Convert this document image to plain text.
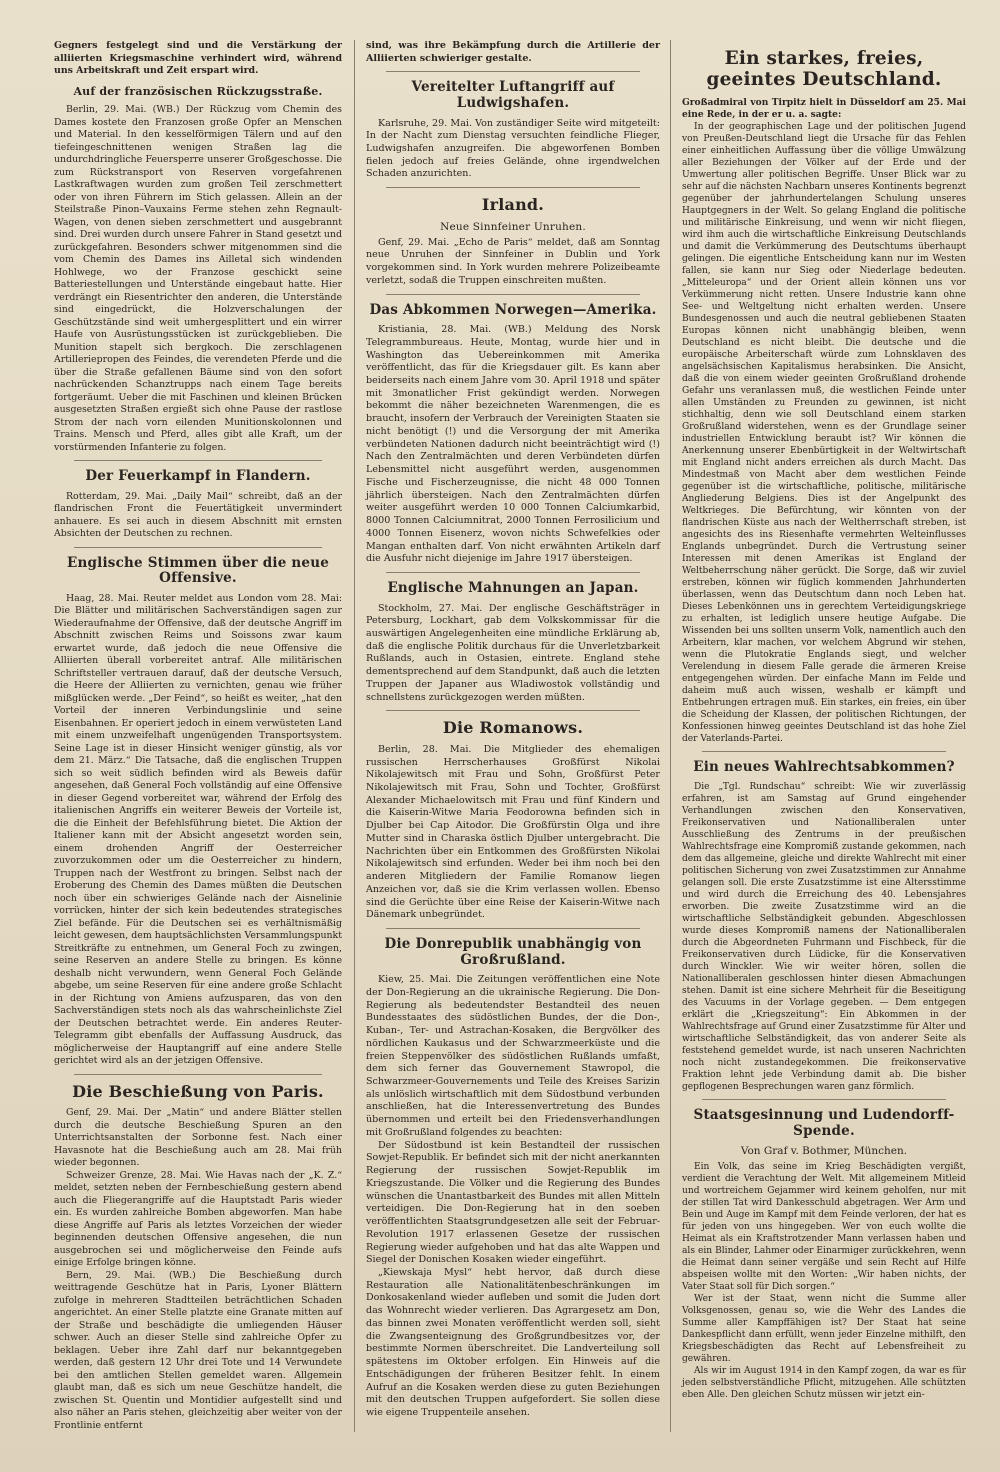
Gegners festgelegt sind und die Verstärkung der alliierten Kriegsmaschine verhindert wird, während uns Arbeitskraft und Zeit erspart wird.

Auf der französischen Rückzugsstraße.

Berlin, 29. Mai. (WB.) Der Rückzug vom Chemin des Dames kostete den Franzosen große Opfer an Menschen und Material. In den kesselförmigen Tälern und auf den tiefeingeschnittenen wenigen Straßen lag die undurchdringliche Feuersperre unserer Großgeschosse. Die zum Rückstransport von Reserven vorgefahrenen Lastkraftwagen wurden zum großen Teil zerschmettert oder von ihren Führern im Stich gelassen. Allein an der Steilstraße Pinon–Vauxains Ferme stehen zehn Regnault-Wagen, von denen sieben zerschmettert und ausgebrannt sind. Drei wurden durch unsere Fahrer in Stand gesetzt und zurückgefahren. Besonders schwer mitgenommen sind die vom Chemin des Dames ins Ailletal sich windenden Hohlwege, wo der Franzose geschickt seine Batteriestellungen und Unterstände eingebaut hatte. Hier verdrängt ein Riesentrichter den anderen, die Unterstände sind eingedrückt, die Holzverschalungen der Geschützstände sind weit umhergesplittert und ein wirrer Haufe von Ausrüstungsstücken ist zurückgeblieben. Die Munition stapelt sich bergkoch. Die zerschlagenen Artilleriepropen des Feindes, die verendeten Pferde und die über die Straße gefallenen Bäume sind von den sofort nachrückenden Schanztrupps nach einem Tage bereits fortgeräumt. Ueber die mit Faschinen und kleinen Brücken ausgesetzten Straßen ergießt sich ohne Pause der rastlose Strom der nach vorn eilenden Munitionskolonnen und Trains. Mensch und Pferd, alles gibt alle Kraft, um der vorstürmenden Infanterie zu folgen.

Der Feuerkampf in Flandern.

Rotterdam, 29. Mai. „Daily Mail“ schreibt, daß an der flandrischen Front die Feuertätigkeit unvermindert anhauere. Es sei auch in diesem Abschnitt mit ernsten Absichten der Deutschen zu rechnen.

Englische Stimmen über die neue Offensive.

Haag, 28. Mai. Reuter meldet aus London vom 28. Mai: Die Blätter und militärischen Sachverständigen sagen zur Wiederaufnahme der Offensive, daß der deutsche Angriff im Abschnitt zwischen Reims und Soissons zwar kaum erwartet wurde, daß jedoch die neue Offensive die Alliierten überall vorbereitet antraf. Alle militärischen Schriftsteller vertrauen darauf, daß der deutsche Versuch, die Heere der Alliierten zu vernichten, genau wie früher mißglücken werde. „Der Feind“, so heißt es weiter, „hat den Vorteil der inneren Verbindungslinie und seine Eisenbahnen. Er operiert jedoch in einem verwüsteten Land mit einem unzweifelhaft ungenügenden Transportsystem. Seine Lage ist in dieser Hinsicht weniger günstig, als vor dem 21. März.“ Die Tatsache, daß die englischen Truppen sich so weit südlich befinden wird als Beweis dafür angesehen, daß General Foch vollständig auf eine Offensive in dieser Gegend vorbereitet war, während der Erfolg des italienischen Angriffs ein weiterer Beweis der Vorteile ist, die die Einheit der Befehlsführung bietet. Die Aktion der Italiener kann mit der Absicht angesetzt worden sein, einem drohenden Angriff der Oesterreicher zuvorzukommen oder um die Oesterreicher zu hindern, Truppen nach der Westfront zu bringen. Selbst nach der Eroberung des Chemin des Dames müßten die Deutschen noch über ein schwieriges Gelände nach der Aisnelinie vorrücken, hinter der sich kein bedeutendes strategisches Ziel befände. Für die Deutschen sei es verhältnismäßig leicht gewesen, dem hauptsächlichsten Versammlungspunkt Streitkräfte zu entnehmen, um General Foch zu zwingen, seine Reserven an andere Stelle zu bringen. Es könne deshalb nicht verwundern, wenn General Foch Gelände abgebe, um seine Reserven für eine andere große Schlacht in der Richtung von Amiens aufzusparen, das von den Sachverständigen stets noch als das wahrscheinlichste Ziel der Deutschen betrachtet werde. Ein anderes Reuter-Telegramm gibt ebenfalls der Auffassung Ausdruck, das möglicherweise der Hauptangriff auf eine andere Stelle gerichtet wird als an der jetzigen Offensive.

Die Beschießung von Paris.

Genf, 29. Mai. Der „Matin“ und andere Blätter stellen durch die deutsche Beschießung Spuren an den Unterrichtsanstalten der Sorbonne fest. Nach einer Havasnote hat die Beschießung auch am 28. Mai früh wieder begonnen.

Schweizer Grenze, 28. Mai. Wie Havas nach der „K. Z.“ meldet, setzten neben der Fernbeschießung gestern abend auch die Fliegerangriffe auf die Hauptstadt Paris wieder ein. Es wurden zahlreiche Bomben abgeworfen. Man habe diese Angriffe auf Paris als letztes Vorzeichen der wieder beginnenden deutschen Offensive angesehen, die nun ausgebrochen sei und möglicherweise den Feinde aufs einige Erfolge bringen könne.

Bern, 29. Mai. (WB.) Die Beschießung durch weittragende Geschütze hat in Paris, Lyoner Blättern zufolge in mehreren Stadtteilen beträchtlichen Schaden angerichtet. An einer Stelle platzte eine Granate mitten auf der Straße und beschädigte die umliegenden Häuser schwer. Auch an dieser Stelle sind zahlreiche Opfer zu beklagen. Ueber ihre Zahl darf nur bekanntgegeben werden, daß gestern 12 Uhr drei Tote und 14 Verwundete bei den amtlichen Stellen gemeldet waren. Allgemein glaubt man, daß es sich um neue Geschütze handelt, die zwischen St. Quentin und Montidier aufgestellt sind und also näher an Paris stehen, gleichzeitig aber weiter von der Frontlinie entfernt

sind, was ihre Bekämpfung durch die Artillerie der Alliierten schwieriger gestalte.

Vereitelter Luftangriff auf Ludwigshafen.

Karlsruhe, 29. Mai. Von zuständiger Seite wird mitgeteilt: In der Nacht zum Dienstag versuchten feindliche Flieger, Ludwigshafen anzugreifen. Die abgeworfenen Bomben fielen jedoch auf freies Gelände, ohne irgendwelchen Schaden anzurichten.

Irland.
Neue Sinnfeiner Unruhen.

Genf, 29. Mai. „Echo de Paris“ meldet, daß am Sonntag neue Unruhen der Sinnfeiner in Dublin und York vorgekommen sind. In York wurden mehrere Polizeibeamte verletzt, sodaß die Truppen einschreiten mußten.

Das Abkommen Norwegen—Amerika.

Kristiania, 28. Mai. (WB.) Meldung des Norsk Telegrammbureaus. Heute, Montag, wurde hier und in Washington das Uebereinkommen mit Amerika veröffentlicht, das für die Kriegsdauer gilt. Es kann aber beiderseits nach einem Jahre vom 30. April 1918 und später mit 3monatlicher Frist gekündigt werden. Norwegen bekommt die näher bezeichneten Warenmengen, die es braucht, insofern der Verbrauch der Vereinigten Staaten sie nicht benötigt (!) und die Versorgung der mit Amerika verbündeten Nationen dadurch nicht beeinträchtigt wird (!) Nach den Zentralmächten und deren Verbündeten dürfen Lebensmittel nicht ausgeführt werden, ausgenommen Fische und Fischerzeugnisse, die nicht 48 000 Tonnen jährlich übersteigen. Nach den Zentralmächten dürfen weiter ausgeführt werden 10 000 Tonnen Calciumkarbid, 8000 Tonnen Calciumnitrat, 2000 Tonnen Ferrosilicium und 4000 Tonnen Eisenerz, wovon nichts Schwefelkies oder Mangan enthalten darf. Von nicht erwähnten Artikeln darf die Ausfuhr nicht diejenige im Jahre 1917 übersteigen.

Englische Mahnungen an Japan.

Stockholm, 27. Mai. Der englische Geschäftsträger in Petersburg, Lockhart, gab dem Volkskommissar für die auswärtigen Angelegenheiten eine mündliche Erklärung ab, daß die englische Politik durchaus für die Unverletzbarkeit Rußlands, auch in Ostasien, eintrete. England stehe dementsprechend auf dem Standpunkt, daß auch die letzten Truppen der Japaner aus Wladiwostok vollständig und schnellstens zurückgezogen werden müßten.

Die Romanows.

Berlin, 28. Mai. Die Mitglieder des ehemaligen russischen Herrscherhauses Großfürst Nikolai Nikolajewitsch mit Frau und Sohn, Großfürst Peter Nikolajewitsch mit Frau, Sohn und Tochter, Großfürst Alexander Michaelowitsch mit Frau und fünf Kindern und die Kaiserin-Witwe Maria Feodorowna befinden sich in Djulber bei Cap Aitodor. Die Großfürstin Olga und ihre Mutter sind in Charaska östlich Djulber untergebracht. Die Nachrichten über ein Entkommen des Großfürsten Nikolai Nikolajewitsch sind erfunden. Weder bei ihm noch bei den anderen Mitgliedern der Familie Romanow liegen Anzeichen vor, daß sie die Krim verlassen wollen. Ebenso sind die Gerüchte über eine Reise der Kaiserin-Witwe nach Dänemark unbegründet.

Die Donrepublik unabhängig von Großrußland.

Kiew, 25. Mai. Die Zeitungen veröffentlichen eine Note der Don-Regierung an die ukrainische Regierung. Die Don-Regierung als bedeutendster Bestandteil des neuen Bundesstaates des südöstlichen Bundes, der die Don-, Kuban-, Ter- und Astrachan-Kosaken, die Bergvölker des nördlichen Kaukasus und der Schwarzmeerküste und die freien Steppenvölker des südöstlichen Rußlands umfaßt, dem sich ferner das Gouvernement Stawropol, die Schwarzmeer-Gouvernements und Teile des Kreises Sarizin als unlöslich wirtschaftlich mit dem Südostbund verbunden anschließen, hat die Interessenvertretung des Bundes übernommen und erteilt bei den Friedensverhandlungen mit Großrußland folgendes zu beachten:

Der Südostbund ist kein Bestandteil der russischen Sowjet-Republik. Er befindet sich mit der nicht anerkannten Regierung der russischen Sowjet-Republik im Kriegszustande. Die Völker und die Regierung des Bundes wünschen die Unantastbarkeit des Bundes mit allen Mitteln verteidigen. Die Don-Regierung hat in den soeben veröffentlichten Staatsgrundgesetzen alle seit der Februar-Revolution 1917 erlassenen Gesetze der russischen Regierung wieder aufgehoben und hat das alte Wappen und Siegel der Donischen Kosaken wieder eingeführt.

„Kiewskaja Mysl“ hebt hervor, daß durch diese Restauration alle Nationalitätenbeschränkungen im Donkosakenland wieder aufleben und somit die Juden dort das Wohnrecht wieder verlieren. Das Agrargesetz am Don, das binnen zwei Monaten veröffentlicht werden soll, sieht die Zwangsenteignung des Großgrundbesitzes vor, der bestimmte Normen überschreitet. Die Landverteilung soll spätestens im Oktober erfolgen. Ein Hinweis auf die Entschädigungen der früheren Besitzer fehlt. In einem Aufruf an die Kosaken werden diese zu guten Beziehungen mit den deutschen Truppen aufgefordert. Sie sollen diese wie eigene Truppenteile ansehen.

Ein starkes, freies, geeintes Deutschland.

Großadmiral von Tirpitz hielt in Düsseldorf am 25. Mai eine Rede, in der er u. a. sagte:

In der geographischen Lage und der politischen Jugend von Preußen-Deutschland liegt die Ursache für das Fehlen einer einheitlichen Auffassung über die völlige Umwälzung aller Beziehungen der Völker auf der Erde und der Umwertung aller politischen Begriffe. Unser Blick war zu sehr auf die nächsten Nachbarn unseres Kontinents begrenzt gegenüber der jahrhundertelangen Schulung unseres Hauptgegners in der Welt. So gelang England die politische und militärische Einkreisung, und wenn wir nicht fliegen, wird ihm auch die wirtschaftliche Einkreisung Deutschlands und damit die Verkümmerung des Deutschtums überhaupt gelingen. Die eigentliche Entscheidung kann nur im Westen fallen, sie kann nur Sieg oder Niederlage bedeuten. „Mitteleuropa“ und der Orient allein können uns vor Verkümmerung nicht retten. Unsere Industrie kann ohne See- und Weltgeltung nicht erhalten werden. Unsere Bundesgenossen und auch die neutral gebliebenen Staaten Europas können nicht unabhängig bleiben, wenn Deutschland es nicht bleibt. Die deutsche und die europäische Arbeiterschaft würde zum Lohnsklaven des angelsächsischen Kapitalismus herabsinken. Die Ansicht, daß die von einem wieder geeinten Großrußland drohende Gefahr uns veranlassen muß, die westlichen Feinde unter allen Umständen zu Freunden zu gewinnen, ist nicht stichhaltig, denn wie soll Deutschland einem starken Großrußland widerstehen, wenn es der Grundlage seiner industriellen Entwicklung beraubt ist? Wir können die Anerkennung unserer Ebenbürtigkeit in der Weltwirtschaft mit England nicht anders erreichen als durch Macht. Das Mindestmaß von Macht aber dem westlichen Feinde gegenüber ist die wirtschaftliche, politische, militärische Angliederung Belgiens. Dies ist der Angelpunkt des Weltkrieges. Die Befürchtung, wir könnten von der flandrischen Küste aus nach der Weltherrschaft streben, ist angesichts des ins Riesenhafte vermehrten Welteinflusses Englands unbegründet. Durch die Vertrustung seiner Interessen mit denen Amerikas ist England der Weltbeherrschung näher gerückt. Die Sorge, daß wir zuviel erstreben, können wir füglich kommenden Jahrhunderten überlassen, wenn das Deutschtum dann noch Leben hat. Dieses Lebenkönnen uns in gerechtem Verteidigungskriege zu erhalten, ist lediglich unsere heutige Aufgabe. Die Wissenden bei uns sollten unserm Volk, namentlich auch den Arbeitern, klar machen, vor welchem Abgrund wir stehen, wenn die Plutokratie Englands siegt, und welcher Verelendung in diesem Falle gerade die ärmeren Kreise entgegengehen würden. Der einfache Mann im Felde und daheim muß auch wissen, weshalb er kämpft und Entbehrungen ertragen muß. Ein starkes, ein freies, ein über die Scheidung der Klassen, der politischen Richtungen, der Konfessionen hinweg geeintes Deutschland ist das hohe Ziel der Vaterlands-Partei.

Ein neues Wahlrechtsabkommen?

Die „Tgl. Rundschau“ schreibt: Wie wir zuverlässig erfahren, ist am Samstag auf Grund eingehender Verhandlungen zwischen den Konservativen, Freikonservativen und Nationalliberalen unter Ausschließung des Zentrums in der preußischen Wahlrechtsfrage eine Kompromiß zustande gekommen, nach dem das allgemeine, gleiche und direkte Wahlrecht mit einer politischen Sicherung von zwei Zusatzstimmen zur Annahme gelangen soll. Die erste Zusatzstimme ist eine Altersstimme und wird durch die Erreichung des 40. Lebensjahres erworben. Die zweite Zusatzstimme wird an die wirtschaftliche Selbständigkeit gebunden. Abgeschlossen wurde dieses Kompromiß namens der Nationalliberalen durch die Abgeordneten Fuhrmann und Fischbeck, für die Freikonservativen durch Lüdicke, für die Konservativen durch Winckler. Wie wir weiter hören, sollen die Nationalliberalen geschlossen hinter diesen Abmachungen stehen. Damit ist eine sichere Mehrheit für die Beseitigung des Vacuums in der Vorlage gegeben. — Dem entgegen erklärt die „Kriegszeitung“: Ein Abkommen in der Wahlrechtsfrage auf Grund einer Zusatzstimme für Alter und wirtschaftliche Selbständigkeit, das von anderer Seite als feststehend gemeldet wurde, ist nach unseren Nachrichten noch nicht zustandegekommen. Die freikonservative Fraktion lehnt jede Verbindung damit ab. Die bisher gepflogenen Besprechungen waren ganz förmlich.

Staatsgesinnung und Ludendorff-Spende.
Von Graf v. Bothmer, München.

Ein Volk, das seine im Krieg Beschädigten vergißt, verdient die Verachtung der Welt. Mit allgemeinem Mitleid und wortreichem Gejammer wird keinem geholfen, nur mit der stillen Tat wird Dankesschuld abgetragen. Wer Arm und Bein und Auge im Kampf mit dem Feinde verloren, der hat es für jeden von uns hingegeben. Wer von euch wollte die Heimat als ein Kraftstrotzender Mann verlassen haben und als ein Blinder, Lahmer oder Einarmiger zurückkehren, wenn die Heimat dann seiner vergäße und sein Recht auf Hilfe abspeisen wollte mit den Worten: „Wir haben nichts, der Vater Staat soll für Dich sorgen.“

Wer ist der Staat, wenn nicht die Summe aller Volksgenossen, genau so, wie die Wehr des Landes die Summe aller Kampffähigen ist? Der Staat hat seine Dankespflicht dann erfüllt, wenn jeder Einzelne mithilft, den Kriegsbeschädigten das Recht auf Lebensfreiheit zu gewähren.

Als wir im August 1914 in den Kampf zogen, da war es für jeden selbstverständliche Pflicht, mitzugehen. Alle schützten eben Alle. Den gleichen Schutz müssen wir jetzt ein-
